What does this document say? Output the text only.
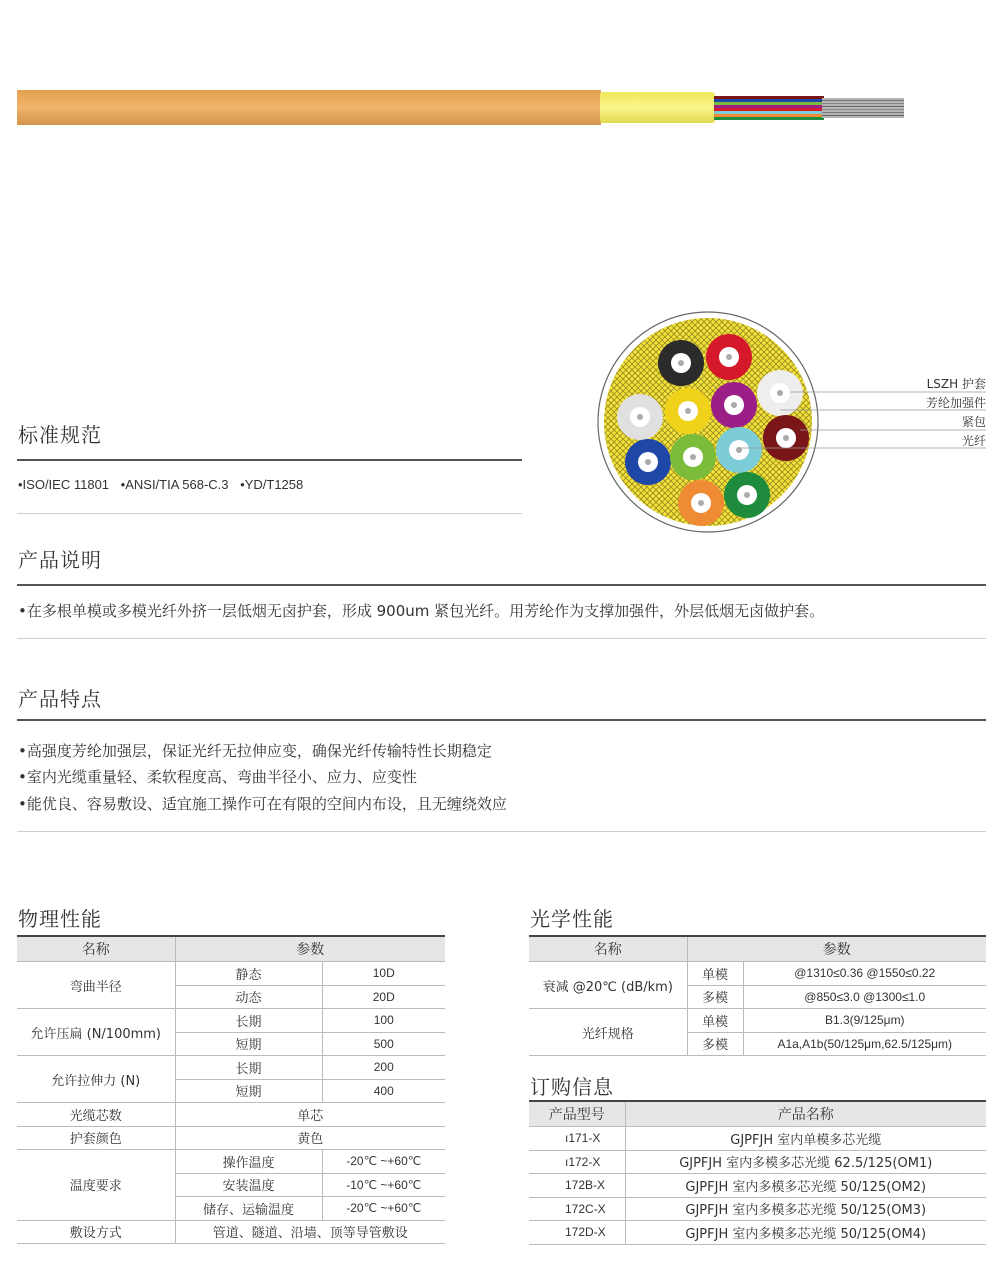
LSZH 护套
芳纶加强件
紧包
光纤
标准规范
•ISO/IEC 11801 •ANSI/TIA 568-C.3 •YD/T1258
产品说明
•在多根单模或多模光纤外挤一层低烟无卤护套，形成 900um 紧包光纤。用芳纶作为支撑加强件，外层低烟无卤做护套。
产品特点
•高强度芳纶加强层，保证光纤无拉伸应变，确保光纤传输特性长期稳定
•室内光缆重量轻、柔软程度高、弯曲半径小、应力、应变性
•能优良、容易敷设、适宜施工操作可在有限的空间内布设，且无缠绕效应
物理性能
名称	参数	
弯曲半径	静态	10D
	动态	20D
允许压扁 (N/100mm)	长期	100
	短期	500
允许拉伸力 (N)	长期	200
	短期	400
光缆芯数	单芯	
护套颜色	黄色	
温度要求	操作温度	-20℃ ~+60℃
	安装温度	-10℃ ~+60℃
	储存、运输温度	-20℃ ~+60℃
敷设方式	管道、隧道、沿墙、顶等导管敷设	
光学性能
名称	参数	
衰减 @20℃ (dB/km)	单模	@1310≤0.36 @1550≤0.22
	多模	@850≤3.0 @1300≤1.0
光纤规格	单模	B1.3(9/125μm)
	多模	A1a,A1b(50/125μm,62.5/125μm)
订购信息
产品型号	产品名称
ı171-X	GJPFJH 室内单模多芯光缆
ı172-X	GJPFJH 室内多模多芯光缆 62.5/125(OM1)
172B-X	GJPFJH 室内多模多芯光缆 50/125(OM2)
172C-X	GJPFJH 室内多模多芯光缆 50/125(OM3)
172D-X	GJPFJH 室内多模多芯光缆 50/125(OM4)
